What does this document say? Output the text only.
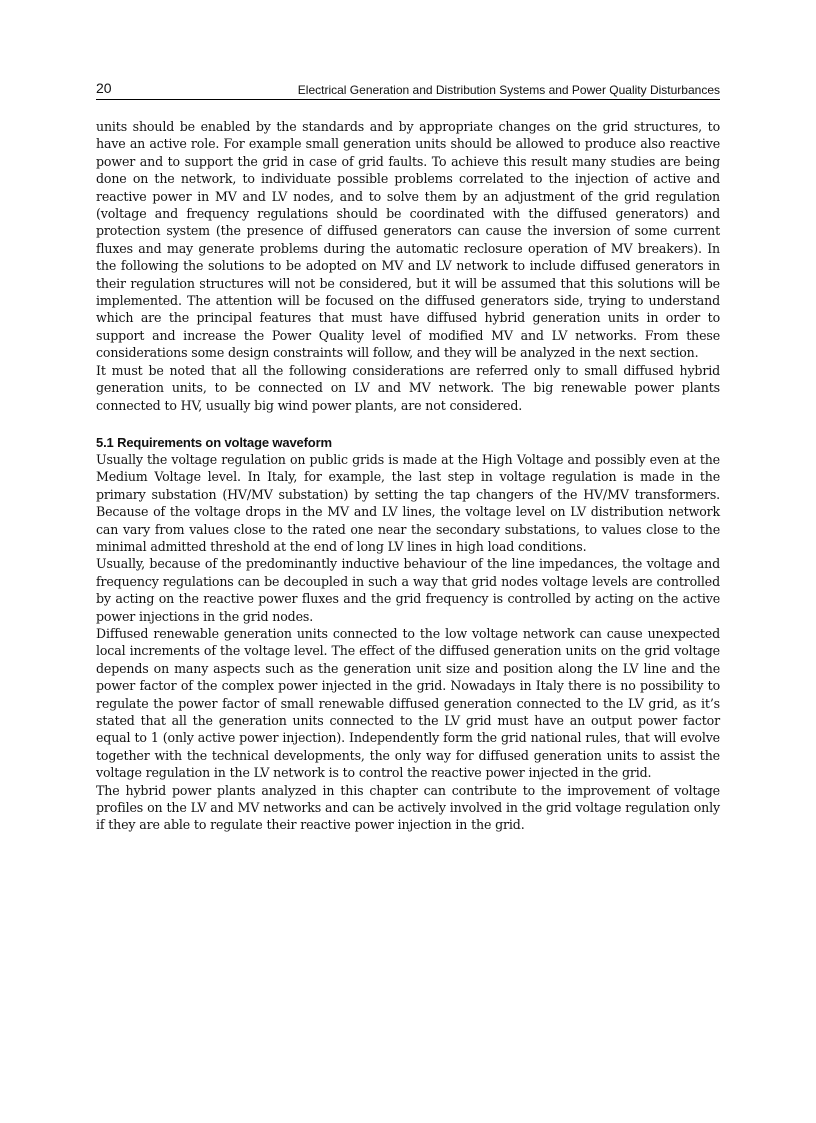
20	Electrical Generation and Distribution Systems and Power Quality Disturbances

units should be enabled by the standards and by appropriate changes on the grid structures, to have an active role. For example small generation units should be allowed to produce also reactive power and to support the grid in case of grid faults. To achieve this result many studies are being done on the network, to individuate possible problems correlated to the injection of active and reactive power in MV and LV nodes, and to solve them by an adjustment of the grid regulation (voltage and frequency regulations should be coordinated with the diffused generators) and protection system (the presence of diffused generators can cause the inversion of some current fluxes and may generate problems during the automatic reclosure operation of MV breakers). In the following the solutions to be adopted on MV and LV network to include diffused generators in their regulation structures will not be considered, but it will be assumed that this solutions will be implemented. The attention will be focused on the diffused generators side, trying to understand which are the principal features that must have diffused hybrid generation units in order to support and increase the Power Quality level of modified MV and LV networks. From these considerations some design constraints will follow, and they will be analyzed in the next section.

It must be noted that all the following considerations are referred only to small diffused hybrid generation units, to be connected on LV and MV network. The big renewable power plants connected to HV, usually big wind power plants, are not considered.

5.1 Requirements on voltage waveform

Usually the voltage regulation on public grids is made at the High Voltage and possibly even at the Medium Voltage level. In Italy, for example, the last step in voltage regulation is made in the primary substation (HV/MV substation) by setting the tap changers of the HV/MV transformers. Because of the voltage drops in the MV and LV lines, the voltage level on LV distribution network can vary from values close to the rated one near the secondary substations, to values close to the minimal admitted threshold at the end of long LV lines in high load conditions.

Usually, because of the predominantly inductive behaviour of the line impedances, the voltage and frequency regulations can be decoupled in such a way that grid nodes voltage levels are controlled by acting on the reactive power fluxes and the grid frequency is controlled by acting on the active power injections in the grid nodes.

Diffused renewable generation units connected to the low voltage network can cause unexpected local increments of the voltage level. The effect of the diffused generation units on the grid voltage depends on many aspects such as the generation unit size and position along the LV line and the power factor of the complex power injected in the grid. Nowadays in Italy there is no possibility to regulate the power factor of small renewable diffused generation connected to the LV grid, as it’s stated that all the generation units connected to the LV grid must have an output power factor equal to 1 (only active power injection). Independently form the grid national rules, that will evolve together with the technical developments, the only way for diffused generation units to assist the voltage regulation in the LV network is to control the reactive power injected in the grid.

The hybrid power plants analyzed in this chapter can contribute to the improvement of voltage profiles on the LV and MV networks and can be actively involved in the grid voltage regulation only if they are able to regulate their reactive power injection in the grid.
